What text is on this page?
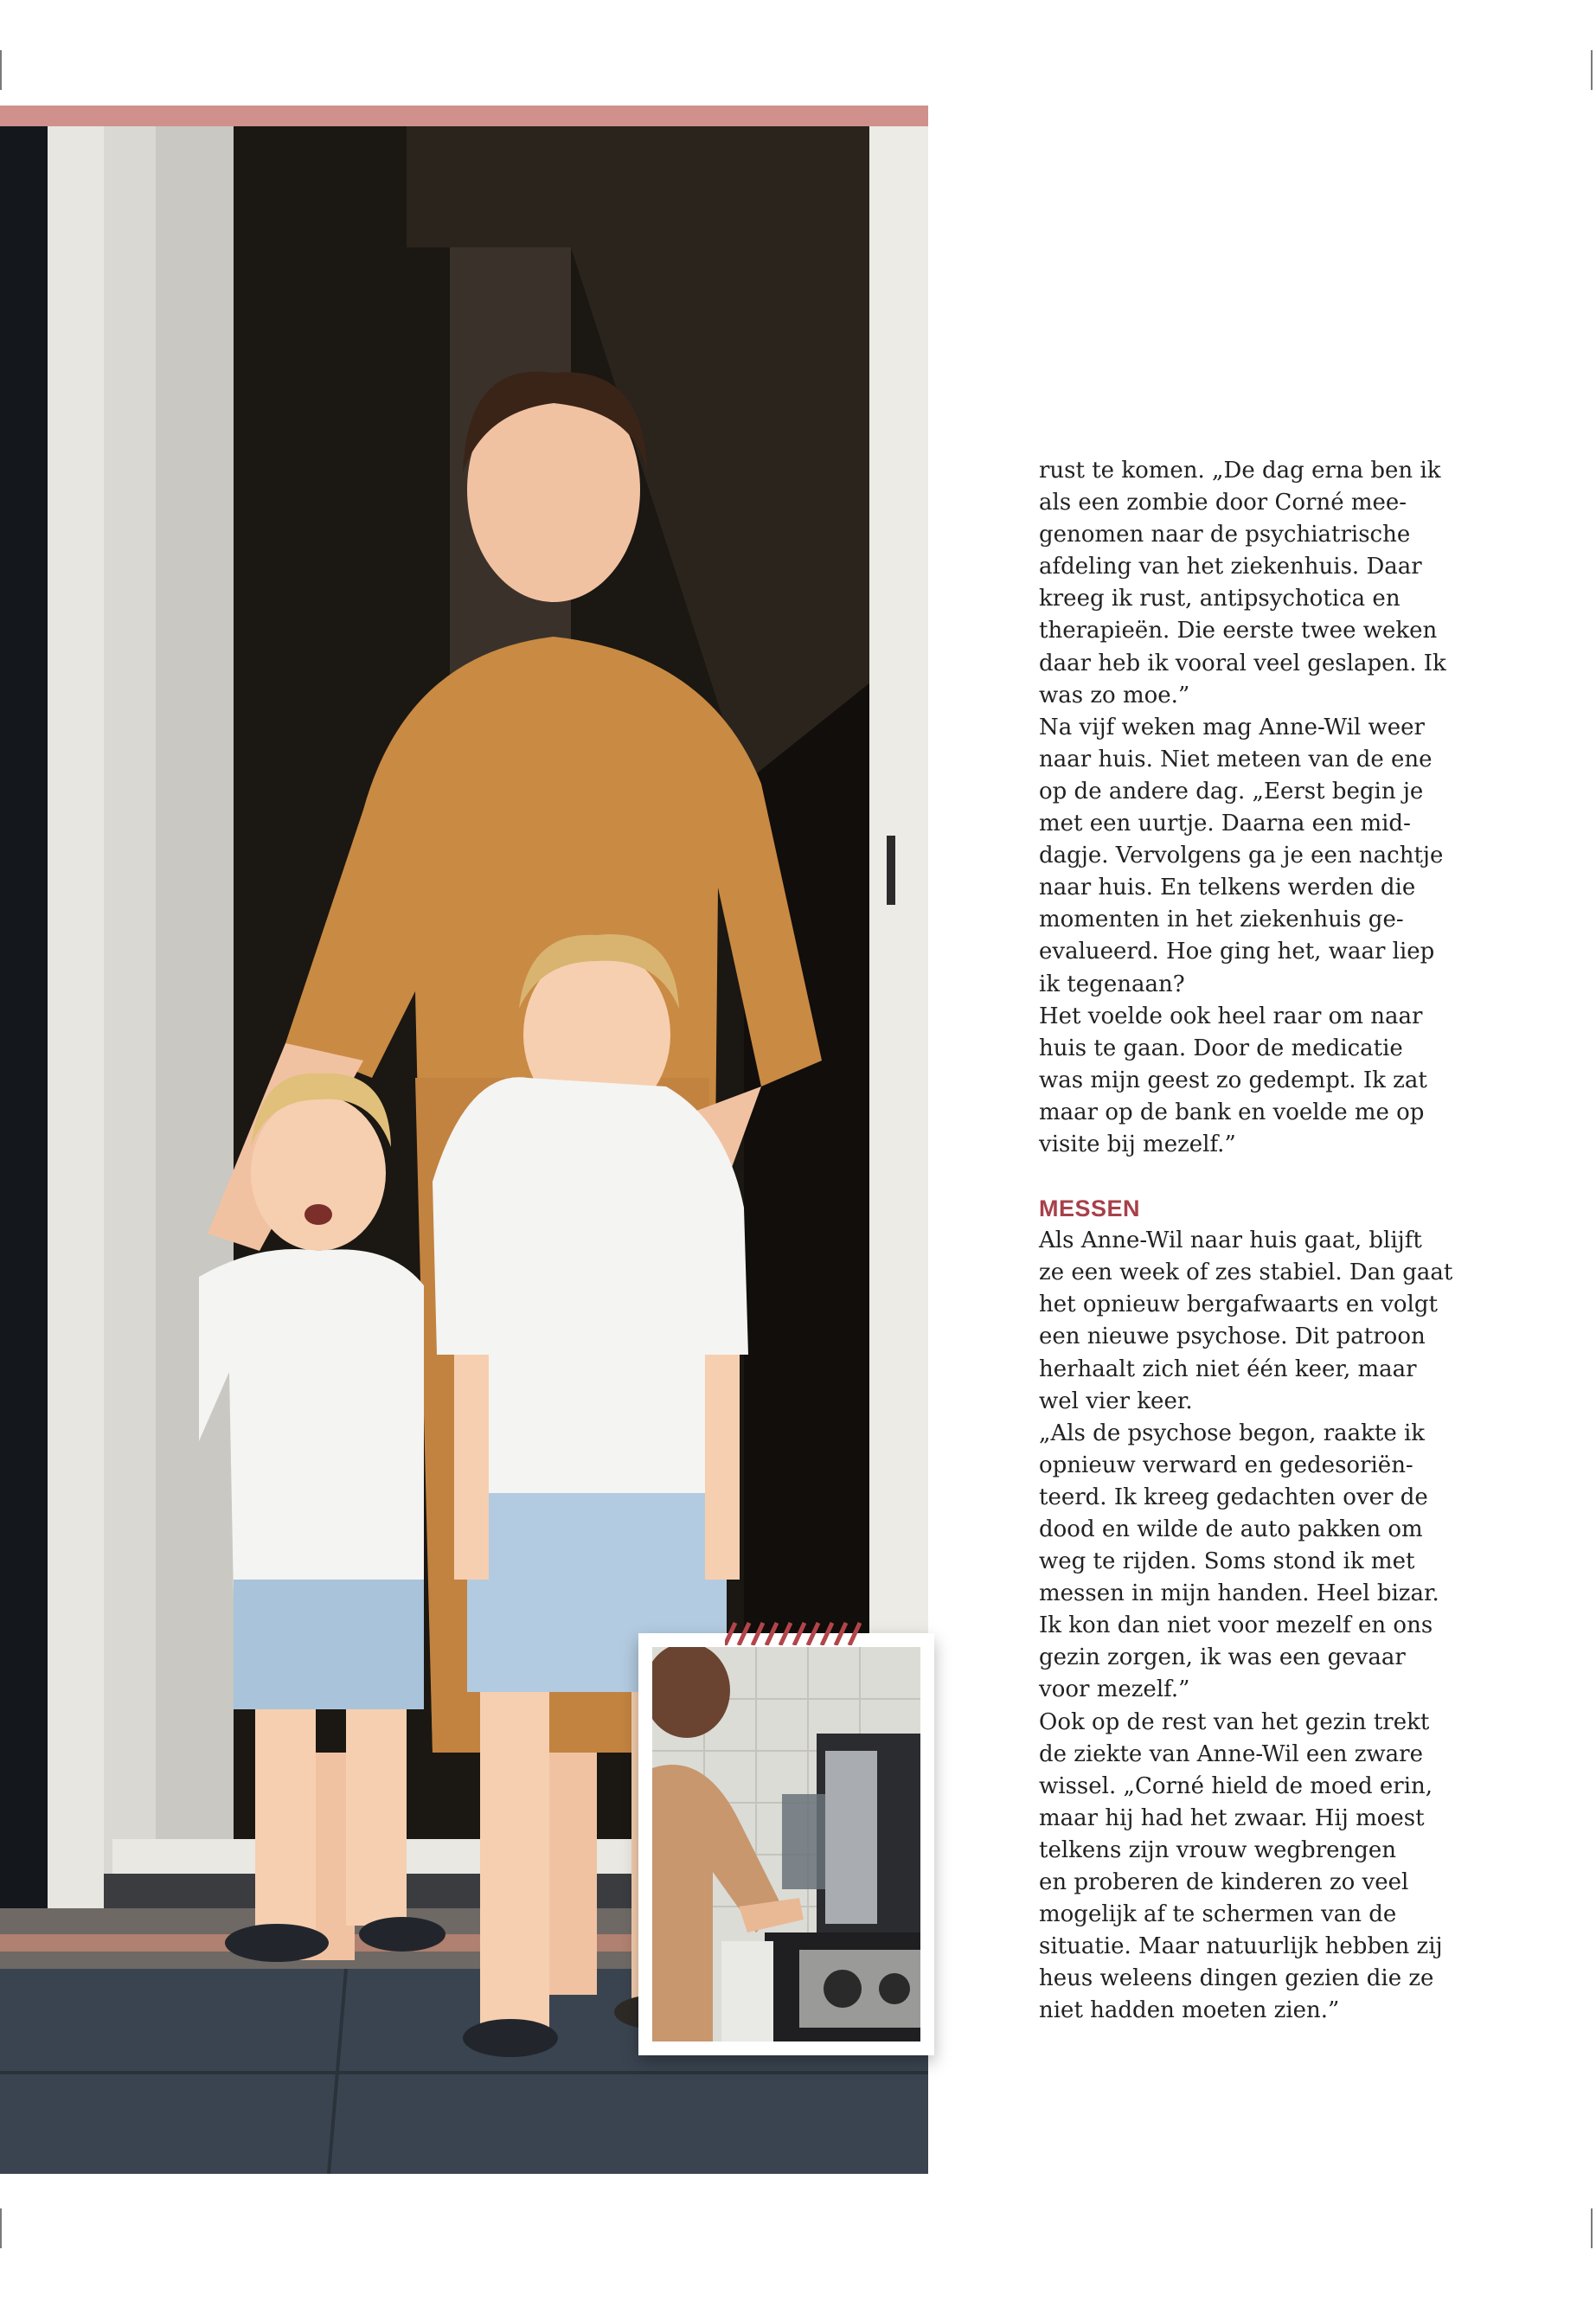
rust te komen. „De dag erna ben ik
als een zombie door Corné mee-
genomen naar de psychiatrische
afdeling van het ziekenhuis. Daar
kreeg ik rust, antipsychotica en
therapieën. Die eerste twee weken
daar heb ik vooral veel geslapen. Ik
was zo moe.”

Na vijf weken mag Anne-Wil weer
naar huis. Niet meteen van de ene
op de andere dag. „Eerst begin je
met een uurtje. Daarna een mid-
dagje. Vervolgens ga je een nachtje
naar huis. En telkens werden die
momenten in het ziekenhuis ge-
evalueerd. Hoe ging het, waar liep
ik tegenaan?

Het voelde ook heel raar om naar
huis te gaan. Door de medicatie
was mijn geest zo gedempt. Ik zat
maar op de bank en voelde me op
visite bij mezelf.”

MESSEN

Als Anne-Wil naar huis gaat, blijft
ze een week of zes stabiel. Dan gaat
het opnieuw bergafwaarts en volgt
een nieuwe psychose. Dit patroon
herhaalt zich niet één keer, maar
wel vier keer.

„Als de psychose begon, raakte ik
opnieuw verward en gedesoriën-
teerd. Ik kreeg gedachten over de
dood en wilde de auto pakken om
weg te rijden. Soms stond ik met
messen in mijn handen. Heel bizar.
Ik kon dan niet voor mezelf en ons
gezin zorgen, ik was een gevaar
voor mezelf.”

Ook op de rest van het gezin trekt
de ziekte van Anne-Wil een zware
wissel. „Corné hield de moed erin,
maar hij had het zwaar. Hij moest
telkens zijn vrouw wegbrengen
en proberen de kinderen zo veel
mogelijk af te schermen van de
situatie. Maar natuurlijk hebben zij
heus weleens dingen gezien die ze
niet hadden moeten zien.”
